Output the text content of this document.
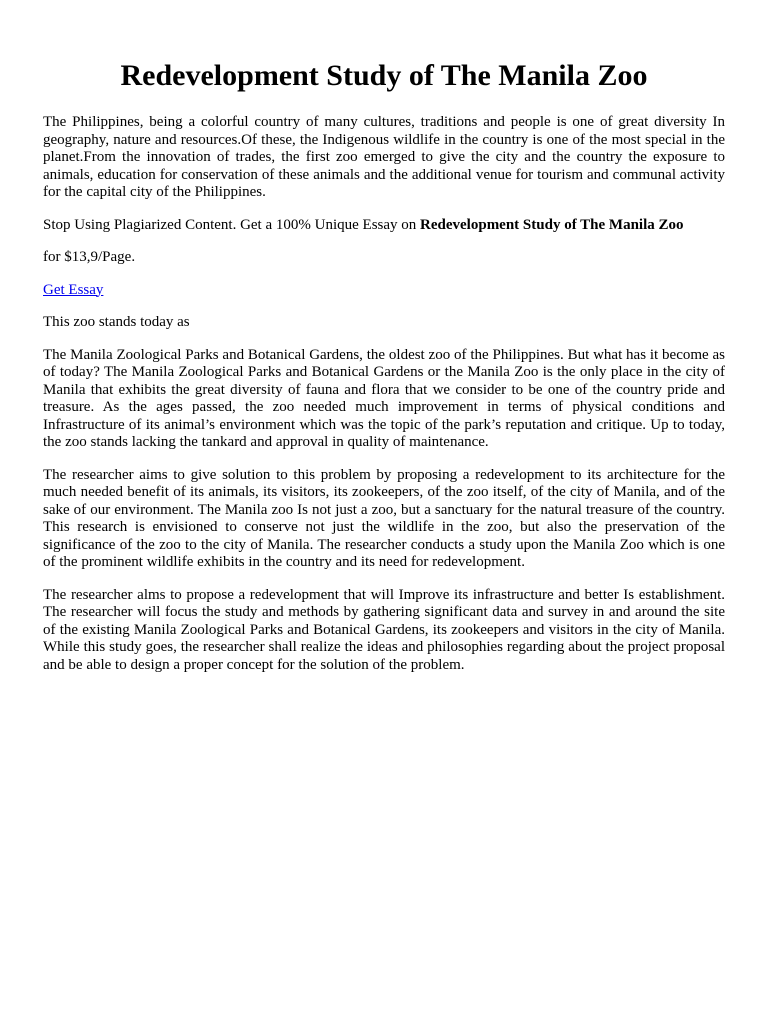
Redevelopment Study of The Manila Zoo

The Philippines, being a colorful country of many cultures, traditions and people is one of great diversity In geography, nature and resources.Of these, the Indigenous wildlife in the country is one of the most special in the planet.From the innovation of trades, the first zoo emerged to give the city and the country the exposure to animals, education for conservation of these animals and the additional venue for tourism and communal activity for the capital city of the Philippines.

Stop Using Plagiarized Content. Get a 100% Unique Essay on Redevelopment Study of The Manila Zoo

for $13,9/Page.

Get Essay

This zoo stands today as

The Manila Zoological Parks and Botanical Gardens, the oldest zoo of the Philippines. But what has it become as of today? The Manila Zoological Parks and Botanical Gardens or the Manila Zoo is the only place in the city of Manila that exhibits the great diversity of fauna and flora that we consider to be one of the country pride and treasure. As the ages passed, the zoo needed much improvement in terms of physical conditions and Infrastructure of its animal’s environment which was the topic of the park’s reputation and critique. Up to today, the zoo stands lacking the tankard and approval in quality of maintenance.

The researcher aims to give solution to this problem by proposing a redevelopment to its architecture for the much needed benefit of its animals, its visitors, its zookeepers, of the zoo itself, of the city of Manila, and of the sake of our environment. The Manila zoo Is not just a zoo, but a sanctuary for the natural treasure of the country. This research is envisioned to conserve not just the wildlife in the zoo, but also the preservation of the significance of the zoo to the city of Manila. The researcher conducts a study upon the Manila Zoo which is one of the prominent wildlife exhibits in the country and its need for redevelopment.

The researcher alms to propose a redevelopment that will Improve its infrastructure and better Is establishment. The researcher will focus the study and methods by gathering significant data and survey in and around the site of the existing Manila Zoological Parks and Botanical Gardens, its zookeepers and visitors in the city of Manila. While this study goes, the researcher shall realize the ideas and philosophies regarding about the project proposal and be able to design a proper concept for the solution of the problem.
